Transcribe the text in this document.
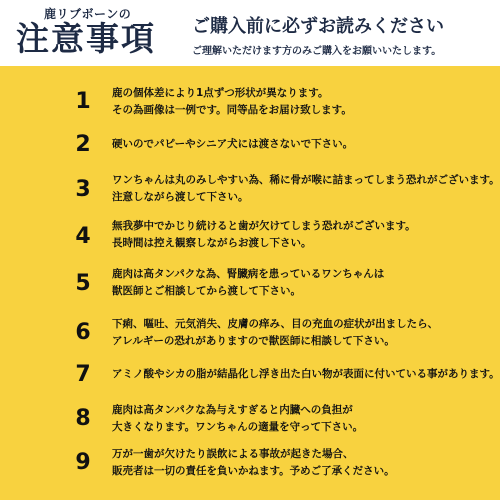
鹿リブボーンの
注意事項 ご購入前に必ずお読みください
ご理解いただけます方のみご購入をお願いいたします。
1	鹿の個体差により1点ずつ形状が異なります。
その為画像は一例です。同等品をお届け致します。
2	硬いのでパピーやシニア犬には渡さないで下さい。
3	ワンちゃんは丸のみしやすい為、稀に骨が喉に詰まってしまう恐れがございます。
注意しながら渡して下さい。
4	無我夢中でかじり続けると歯が欠けてしまう恐れがございます。
長時間は控え観察しながらお渡し下さい。
5	鹿肉は高タンパクな為、腎臓病を患っているワンちゃんは
獣医師とご相談してから渡して下さい。
6	下痢、嘔吐、元気消失、皮膚の痒み、目の充血の症状が出ましたら、
アレルギーの恐れがありますので獣医師に相談して下さい。
7	アミノ酸やシカの脂が結晶化し浮き出た白い物が表面に付いている事があります。
8	鹿肉は高タンパクな為与えすぎると内臓への負担が
大きくなります。ワンちゃんの適量を守って下さい。
9	万が一歯が欠けたり誤飲による事故が起きた場合、
販売者は一切の責任を負いかねます。予めご了承ください。
